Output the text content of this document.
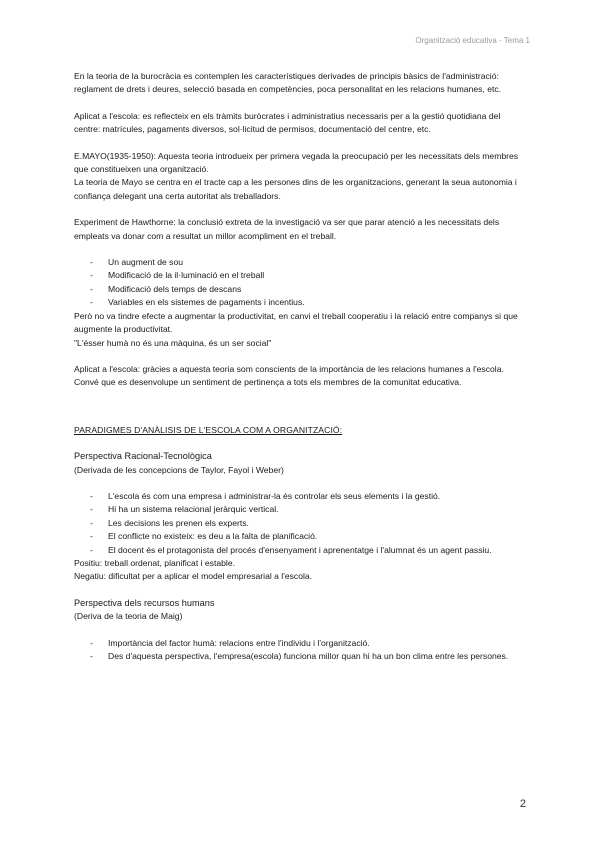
Organització educativa - Tema 1

En la teoria de la burocràcia es contemplen les característiques derivades de principis bàsics de l'administració: reglament de drets i deures, selecció basada en competències, poca personalitat en les relacions humanes, etc.

Aplicat a l'escola: es reflecteix en els tràmits buròcrates i administratius necessaris per a la gestió quotidiana del centre: matrícules, pagaments diversos, sol·licitud de permisos, documentació del centre, etc.

E.MAYO(1935-1950): Aquesta teoria introdueix per primera vegada la preocupació per les necessitats dels membres que constitueixen una organització.

La teoria de Mayo se centra en el tracte cap a les persones dins de les organitzacions, generant la seua autonomia i confiança delegant una certa autoritat als treballadors.

Experiment de Hawthorne: la conclusió extreta de la investigació va ser que parar atenció a les necessitats dels empleats va donar com a resultat un millor acompliment en el treball.

- Un augment de sou
- Modificació de la il·luminació en el treball
- Modificació dels temps de descans
- Variables en els sistemes de pagaments i incentius.

Però no va tindre efecte a augmentar la productivitat, en canvi el treball cooperatiu i la relació entre companys si que augmente la productivitat.

"L'ésser humà no és una màquina, és un ser social"

Aplicat a l'escola: gràcies a aquesta teoria som conscients de la importància de les relacions humanes a l'escola. Convé que es desenvolupe un sentiment de pertinença a tots els membres de la comunitat educativa.

PARADIGMES D'ANÀLISIS DE L'ESCOLA COM A ORGANITZACIÓ:

Perspectiva Racional-Tecnològica

(Derivada de les concepcions de Taylor, Fayol i Weber)

- L'escola és com una empresa i administrar-la és controlar els seus elements i la gestió.
- Hi ha un sistema relacional jeràrquic vertical.
- Les decisions les prenen els experts.
- El conflicte no existeix: es deu a la falta de planificació.
- El docent és el protagonista del procés d'ensenyament i aprenentatge i l'alumnat és un agent passiu.

Positiu: treball ordenat, planificat i estable.

Negatiu: dificultat per a aplicar el model empresarial a l'escola.

Perspectiva dels recursos humans

(Deriva de la teoria de Maig)

- Importància del factor humà: relacions entre l'individu i l'organització.
- Des d'aquesta perspectiva, l'empresa(escola) funciona millor quan hi ha un bon clima entre les persones.
2
